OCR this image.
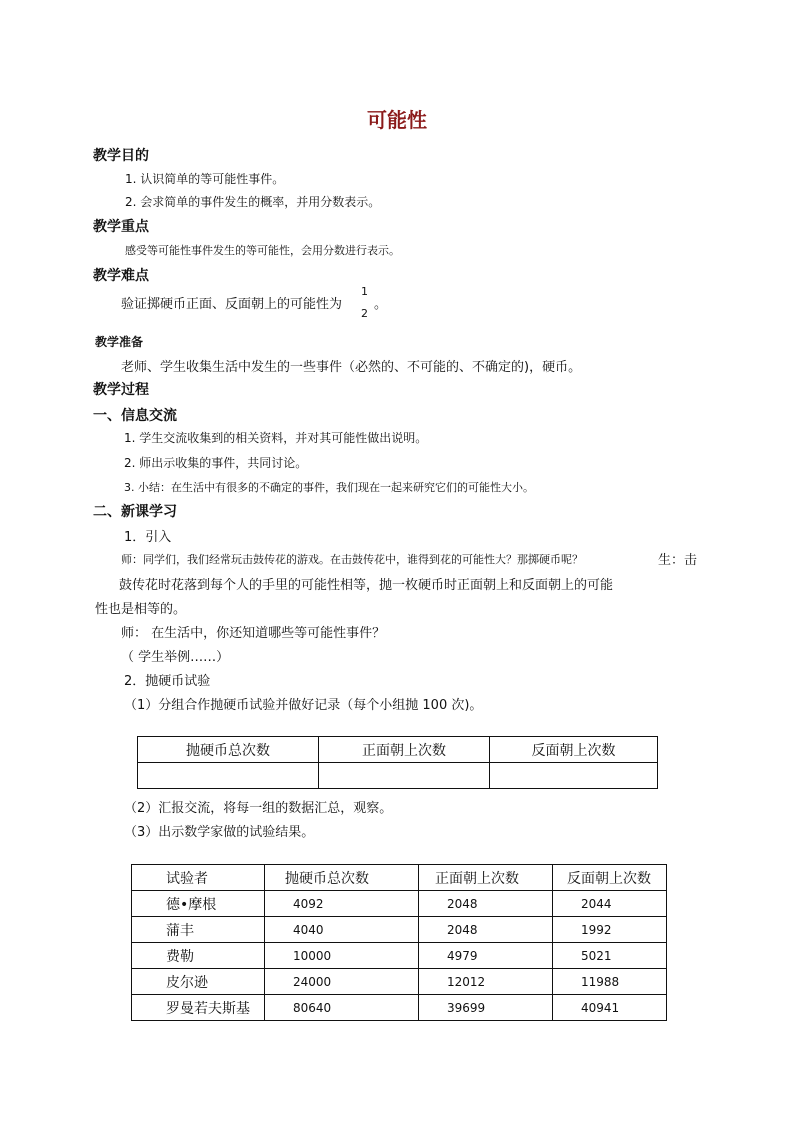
可能性
教学目的
1. 认识简单的等可能性事件。
2. 会求简单的事件发生的概率，并用分数表示。
教学重点
感受等可能性事件发生的等可能性，会用分数进行表示。
教学难点
验证掷硬币正面、反面朝上的可能性为
1
2
。
教学准备
老师、学生收集生活中发生的一些事件（必然的、不可能的、不确定的)，硬币。
教学过程
一、信息交流
1. 学生交流收集到的相关资料，并对其可能性做出说明。
2. 师出示收集的事件，共同讨论。
3. 小结：在生活中有很多的不确定的事件，我们现在一起来研究它们的可能性大小。
二、新课学习
1．引入
师：同学们，我们经常玩击鼓传花的游戏。在击鼓传花中，谁得到花的可能性大？那掷硬币呢？	生：击
鼓传花时花落到每个人的手里的可能性相等，抛一枚硬币时正面朝上和反面朝上的可能
性也是相等的。
师： 在生活中，你还知道哪些等可能性事件？
（ 学生举例……）
2．抛硬币试验
（1）分组合作抛硬币试验并做好记录（每个小组抛 100 次)。
抛硬币总次数	正面朝上次数	反面朝上次数

（2）汇报交流，将每一组的数据汇总，观察。
（3）出示数学家做的试验结果。
试验者	抛硬币总次数	正面朝上次数	反面朝上次数
德•摩根	4092	2048	2044
蒲丰	4040	2048	1992
费勒	10000	4979	5021
皮尔逊	24000	12012	11988
罗曼若夫斯基	80640	39699	40941
